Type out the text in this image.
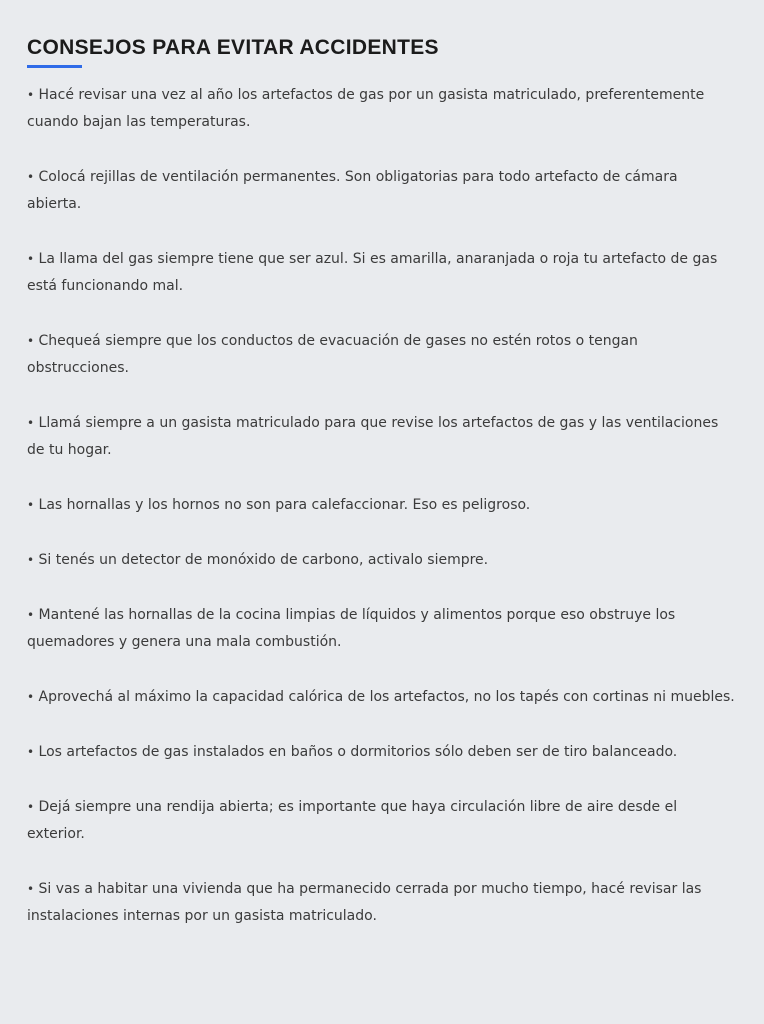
CONSEJOS PARA EVITAR ACCIDENTES
• Hacé revisar una vez al año los artefactos de gas por un gasista matriculado, preferentemente cuando bajan las temperaturas.
• Colocá rejillas de ventilación permanentes. Son obligatorias para todo artefacto de cámara abierta.
• La llama del gas siempre tiene que ser azul. Si es amarilla, anaranjada o roja tu artefacto de gas está funcionando mal.
• Chequeá siempre que los conductos de evacuación de gases no estén rotos o tengan obstrucciones.
• Llamá siempre a un gasista matriculado para que revise los artefactos de gas y las ventilaciones de tu hogar.
• Las hornallas y los hornos no son para calefaccionar. Eso es peligroso.
• Si tenés un detector de monóxido de carbono, activalo siempre.
• Mantené las hornallas de la cocina limpias de líquidos y alimentos porque eso obstruye los quemadores y genera una mala combustión.
• Aprovechá al máximo la capacidad calórica de los artefactos, no los tapés con cortinas ni muebles.
• Los artefactos de gas instalados en baños o dormitorios sólo deben ser de tiro balanceado.
• Dejá siempre una rendija abierta; es importante que haya circulación libre de aire desde el exterior.
• Si vas a habitar una vivienda que ha permanecido cerrada por mucho tiempo, hacé revisar las instalaciones internas por un gasista matriculado.
